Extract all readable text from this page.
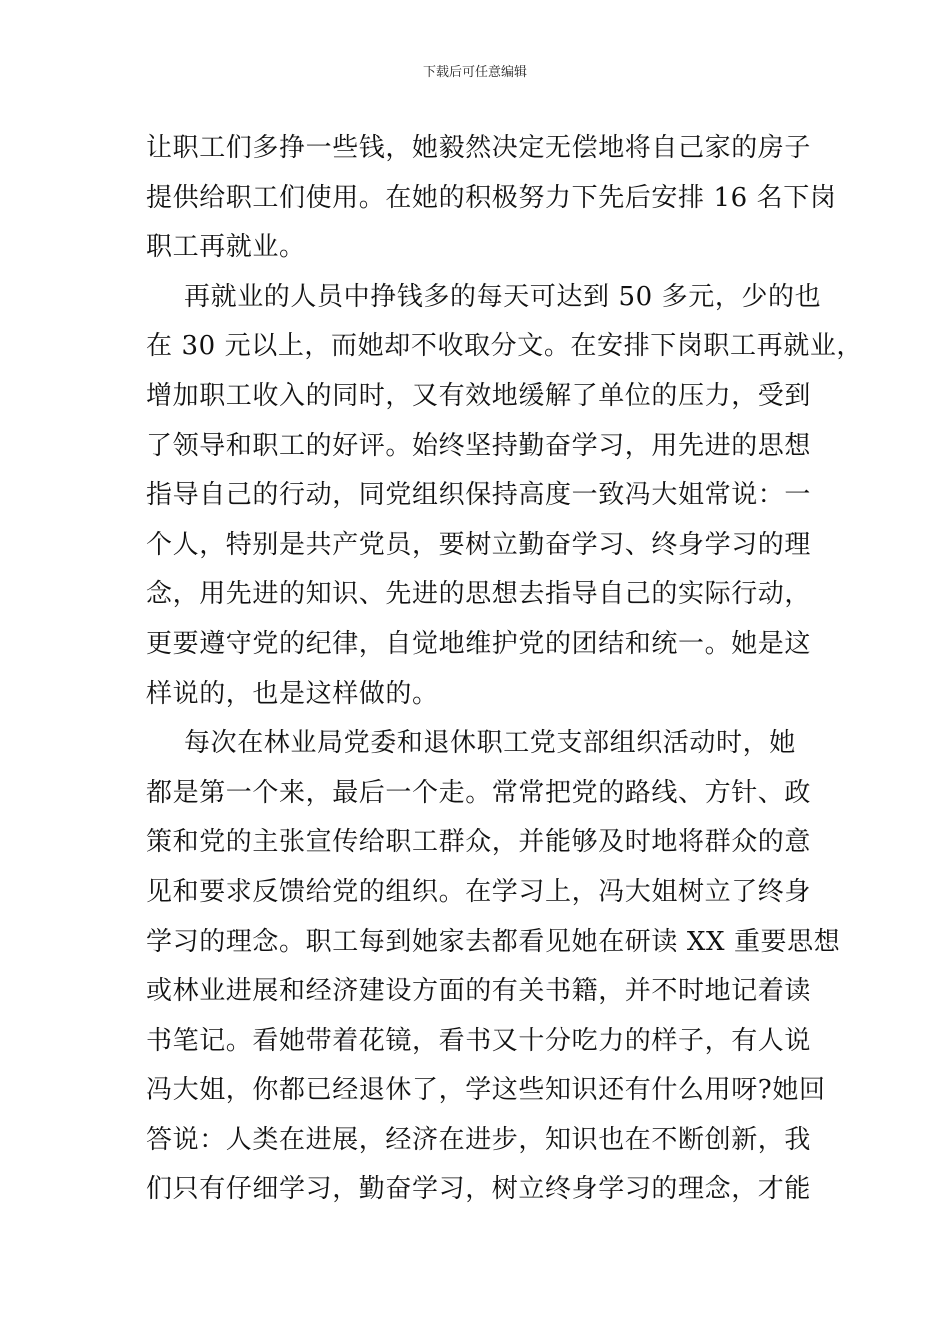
下载后可任意编辑
让职工们多挣一些钱，她毅然决定无偿地将自己家的房子
提供给职工们使用。在她的积极努力下先后安排 16 名下岗
职工再就业。
再就业的人员中挣钱多的每天可达到 50 多元，少的也
在 30 元以上，而她却不收取分文。在安排下岗职工再就业，
增加职工收入的同时，又有效地缓解了单位的压力，受到
了领导和职工的好评。始终坚持勤奋学习，用先进的思想
指导自己的行动，同党组织保持高度一致冯大姐常说：一
个人，特别是共产党员，要树立勤奋学习、终身学习的理
念，用先进的知识、先进的思想去指导自己的实际行动，
更要遵守党的纪律，自觉地维护党的团结和统一。她是这
样说的，也是这样做的。
每次在林业局党委和退休职工党支部组织活动时，她
都是第一个来，最后一个走。常常把党的路线、方针、政
策和党的主张宣传给职工群众，并能够及时地将群众的意
见和要求反馈给党的组织。在学习上，冯大姐树立了终身
学习的理念。职工每到她家去都看见她在研读 XX 重要思想
或林业进展和经济建设方面的有关书籍，并不时地记着读
书笔记。看她带着花镜，看书又十分吃力的样子，有人说
冯大姐，你都已经退休了，学这些知识还有什么用呀?她回
答说：人类在进展，经济在进步，知识也在不断创新，我
们只有仔细学习，勤奋学习，树立终身学习的理念，才能
